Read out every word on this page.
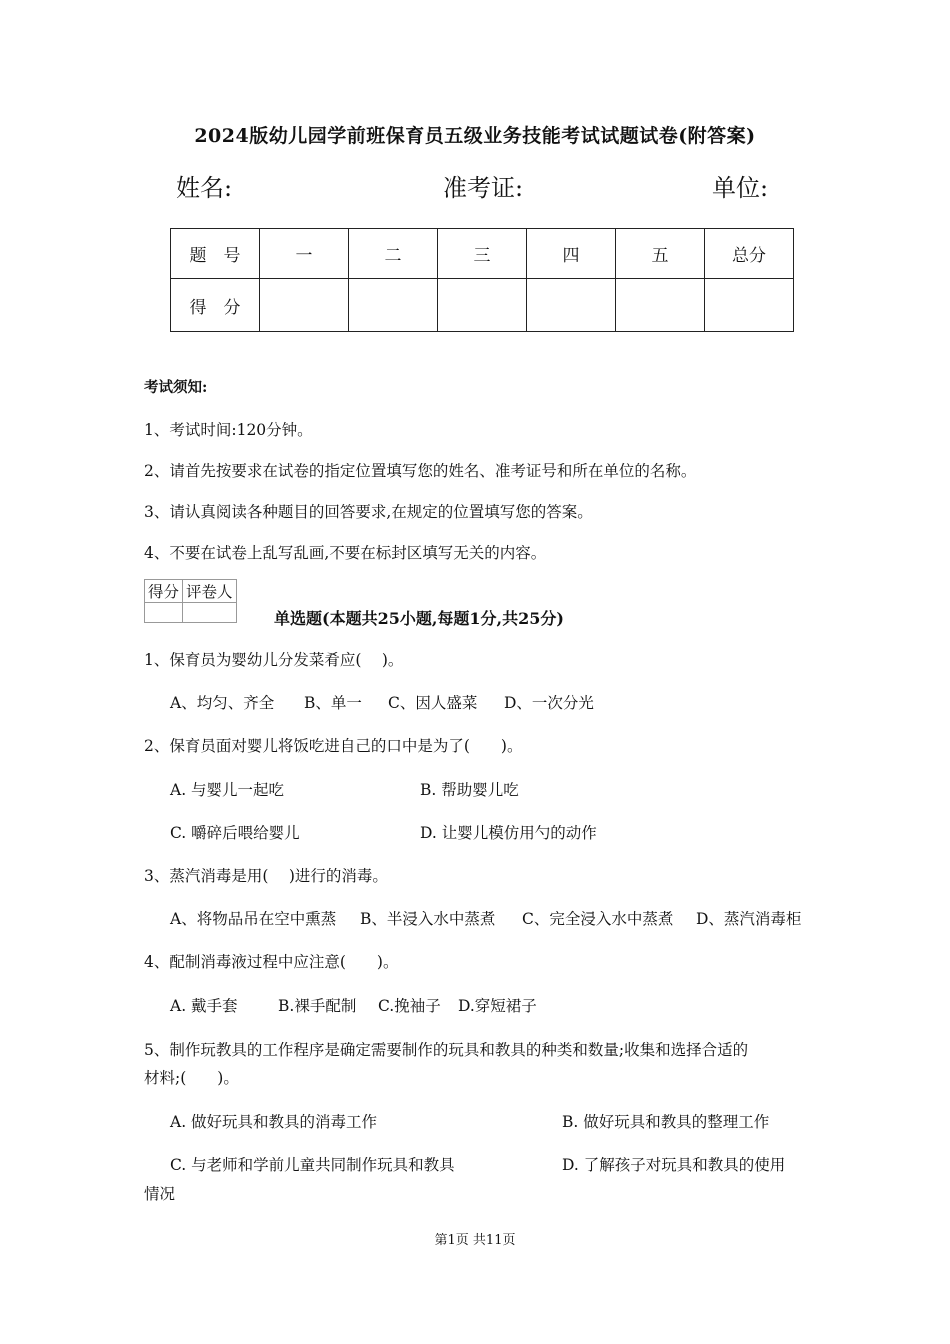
2024版幼儿园学前班保育员五级业务技能考试试题试卷(附答案)
姓名:	准考证:	单位:
题　号	一	二	三	四	五	总分
得　分						
考试须知:
1、考试时间:120分钟。
2、请首先按要求在试卷的指定位置填写您的姓名、准考证号和所在单位的名称。
3、请认真阅读各种题目的回答要求,在规定的位置填写您的答案。
4、不要在试卷上乱写乱画,不要在标封区填写无关的内容。
得分	评卷人

单选题(本题共25小题,每题1分,共25分)
1、保育员为婴幼儿分发菜肴应(　 )。
A、均匀、齐全 B、单一 C、因人盛菜 D、一次分光
2、保育员面对婴儿将饭吃进自己的口中是为了(　　)。
A. 与婴儿一起吃	B. 帮助婴儿吃
C. 嚼碎后喂给婴儿	D. 让婴儿模仿用勺的动作
3、蒸汽消毒是用(　 )进行的消毒。
A、将物品吊在空中熏蒸 B、半浸入水中蒸煮 C、完全浸入水中蒸煮 D、蒸汽消毒柜
4、配制消毒液过程中应注意(　　)。
A. 戴手套	B.裸手配制 C.挽袖子 D.穿短裙子
5、制作玩教具的工作程序是确定需要制作的玩具和教具的种类和数量;收集和选择合适的
材料;(　　)。
A. 做好玩具和教具的消毒工作	B. 做好玩具和教具的整理工作
C. 与老师和学前儿童共同制作玩具和教具	D. 了解孩子对玩具和教具的使用
情况
第1页 共11页
